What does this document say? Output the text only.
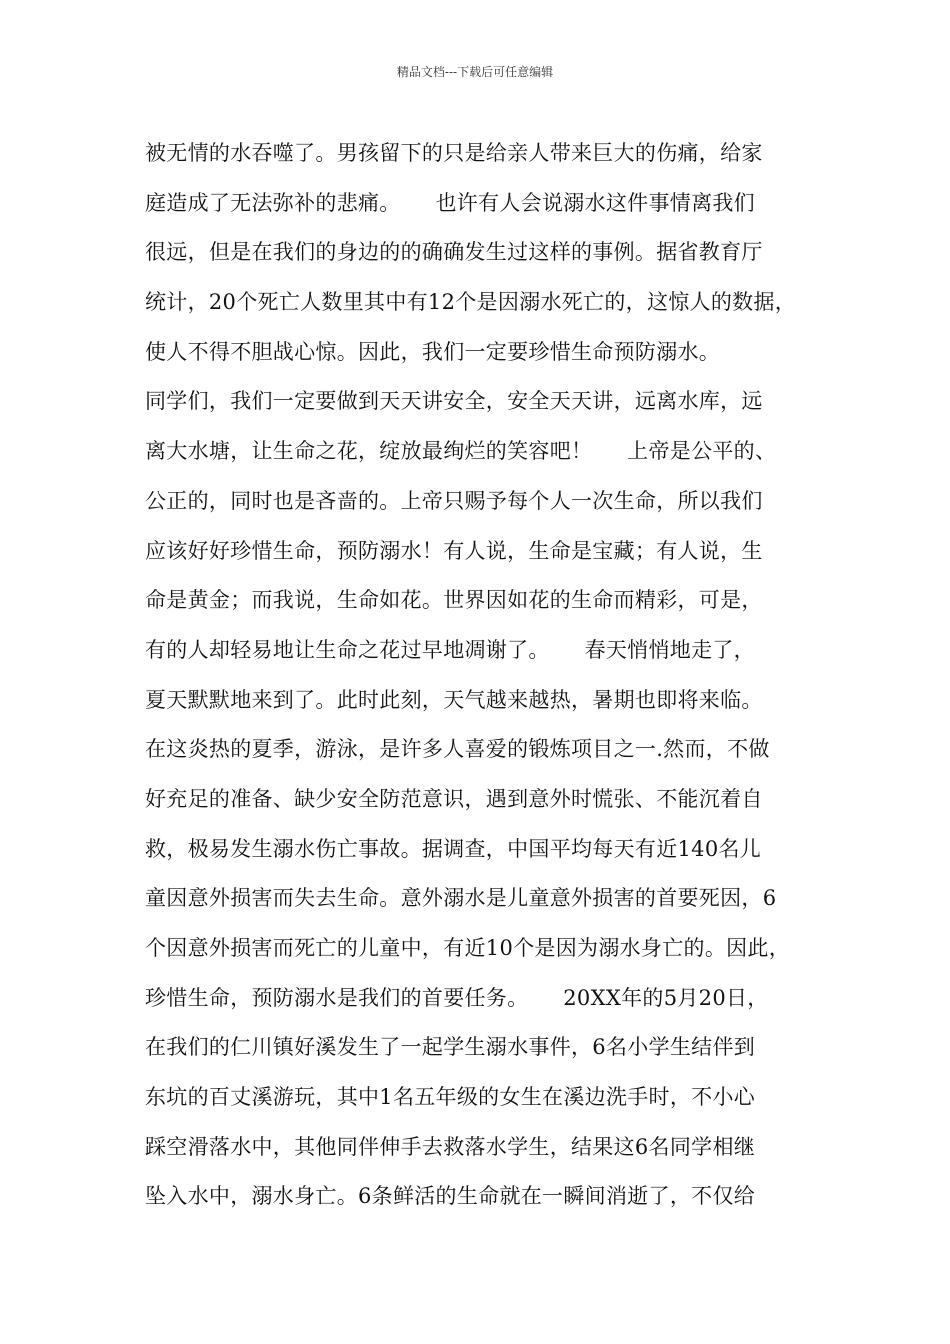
精品文档---下载后可任意编辑
被无情的水吞噬了。男孩留下的只是给亲人带来巨大的伤痛，给家
庭造成了无法弥补的悲痛。     也许有人会说溺水这件事情离我们
很远，但是在我们的身边的的确确发生过这样的事例。据省教育厅
统计，20个死亡人数里其中有12个是因溺水死亡的，这惊人的数据，
使人不得不胆战心惊。因此，我们一定要珍惜生命预防溺水。
同学们，我们一定要做到天天讲安全，安全天天讲，远离水库，远
离大水塘，让生命之花，绽放最绚烂的笑容吧！     上帝是公平的、
公正的，同时也是吝啬的。上帝只赐予每个人一次生命，所以我们
应该好好珍惜生命，预防溺水！有人说，生命是宝藏；有人说，生
命是黄金；而我说，生命如花。世界因如花的生命而精彩，可是，
有的人却轻易地让生命之花过早地凋谢了。     春天悄悄地走了，
夏天默默地来到了。此时此刻，天气越来越热，暑期也即将来临。
在这炎热的夏季，游泳，是许多人喜爱的锻炼项目之一.然而，不做
好充足的准备、缺少安全防范意识，遇到意外时慌张、不能沉着自
救，极易发生溺水伤亡事故。据调查，中国平均每天有近140名儿
童因意外损害而失去生命。意外溺水是儿童意外损害的首要死因，6
个因意外损害而死亡的儿童中，有近10个是因为溺水身亡的。因此，
珍惜生命，预防溺水是我们的首要任务。     20XX年的5月20日，
在我们的仁川镇好溪发生了一起学生溺水事件，6名小学生结伴到
东坑的百丈溪游玩，其中1名五年级的女生在溪边洗手时，不小心
踩空滑落水中，其他同伴伸手去救落水学生，结果这6名同学相继
坠入水中，溺水身亡。6条鲜活的生命就在一瞬间消逝了，不仅给
